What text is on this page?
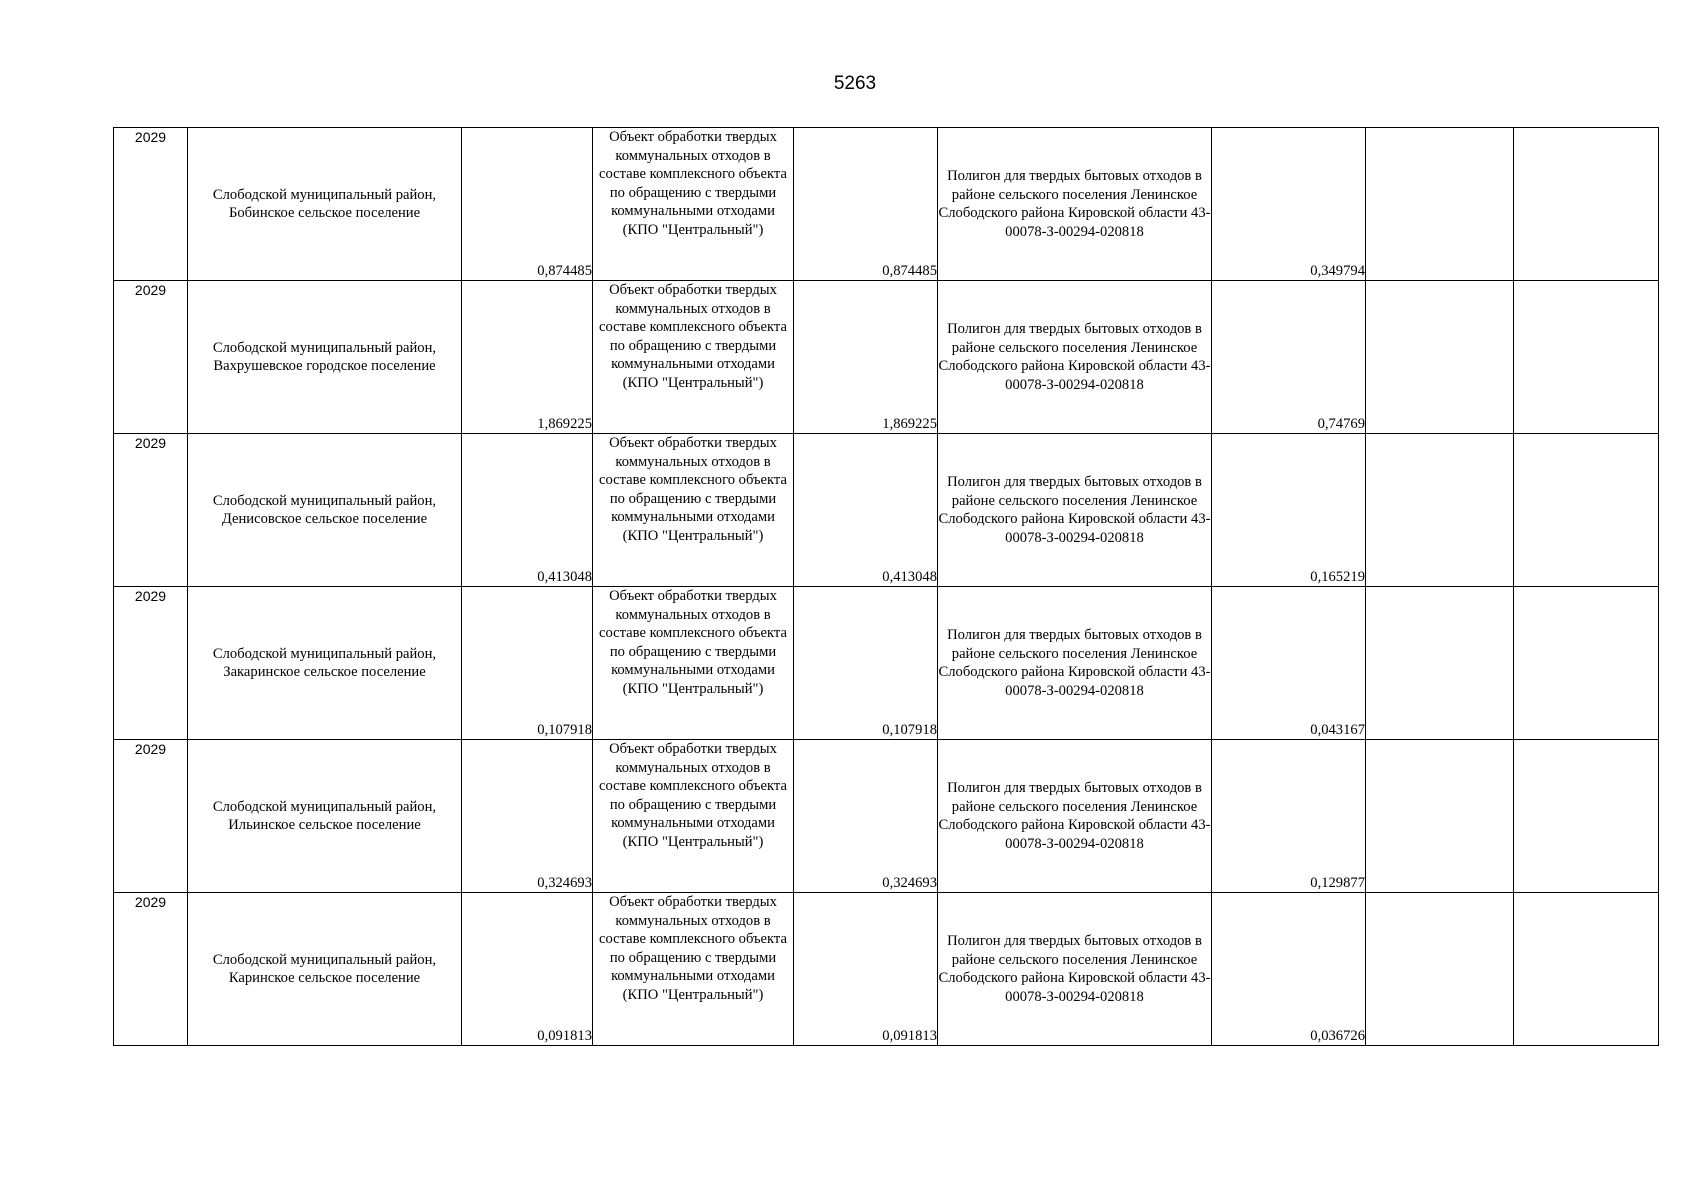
5263
2029	Слободской муниципальный район, Бобинское сельское поселение	0,874485	Объект обработки твердых коммунальных отходов в составе комплексного объекта по обращению с твердыми коммунальными отходами (КПО "Центральный")	0,874485	Полигон для твердых бытовых отходов в районе сельского поселения Ленинское Слободского района Кировской области 43-00078-З-00294-020818	0,349794		
2029	Слободской муниципальный район, Вахрушевское городское поселение	1,869225	Объект обработки твердых коммунальных отходов в составе комплексного объекта по обращению с твердыми коммунальными отходами (КПО "Центральный")	1,869225	Полигон для твердых бытовых отходов в районе сельского поселения Ленинское Слободского района Кировской области 43-00078-З-00294-020818	0,74769		
2029	Слободской муниципальный район, Денисовское сельское поселение	0,413048	Объект обработки твердых коммунальных отходов в составе комплексного объекта по обращению с твердыми коммунальными отходами (КПО "Центральный")	0,413048	Полигон для твердых бытовых отходов в районе сельского поселения Ленинское Слободского района Кировской области 43-00078-З-00294-020818	0,165219		
2029	Слободской муниципальный район, Закаринское сельское поселение	0,107918	Объект обработки твердых коммунальных отходов в составе комплексного объекта по обращению с твердыми коммунальными отходами (КПО "Центральный")	0,107918	Полигон для твердых бытовых отходов в районе сельского поселения Ленинское Слободского района Кировской области 43-00078-З-00294-020818	0,043167		
2029	Слободской муниципальный район, Ильинское сельское поселение	0,324693	Объект обработки твердых коммунальных отходов в составе комплексного объекта по обращению с твердыми коммунальными отходами (КПО "Центральный")	0,324693	Полигон для твердых бытовых отходов в районе сельского поселения Ленинское Слободского района Кировской области 43-00078-З-00294-020818	0,129877		
2029	Слободской муниципальный район, Каринское сельское поселение	0,091813	Объект обработки твердых коммунальных отходов в составе комплексного объекта по обращению с твердыми коммунальными отходами (КПО "Центральный")	0,091813	Полигон для твердых бытовых отходов в районе сельского поселения Ленинское Слободского района Кировской области 43-00078-З-00294-020818	0,036726		
